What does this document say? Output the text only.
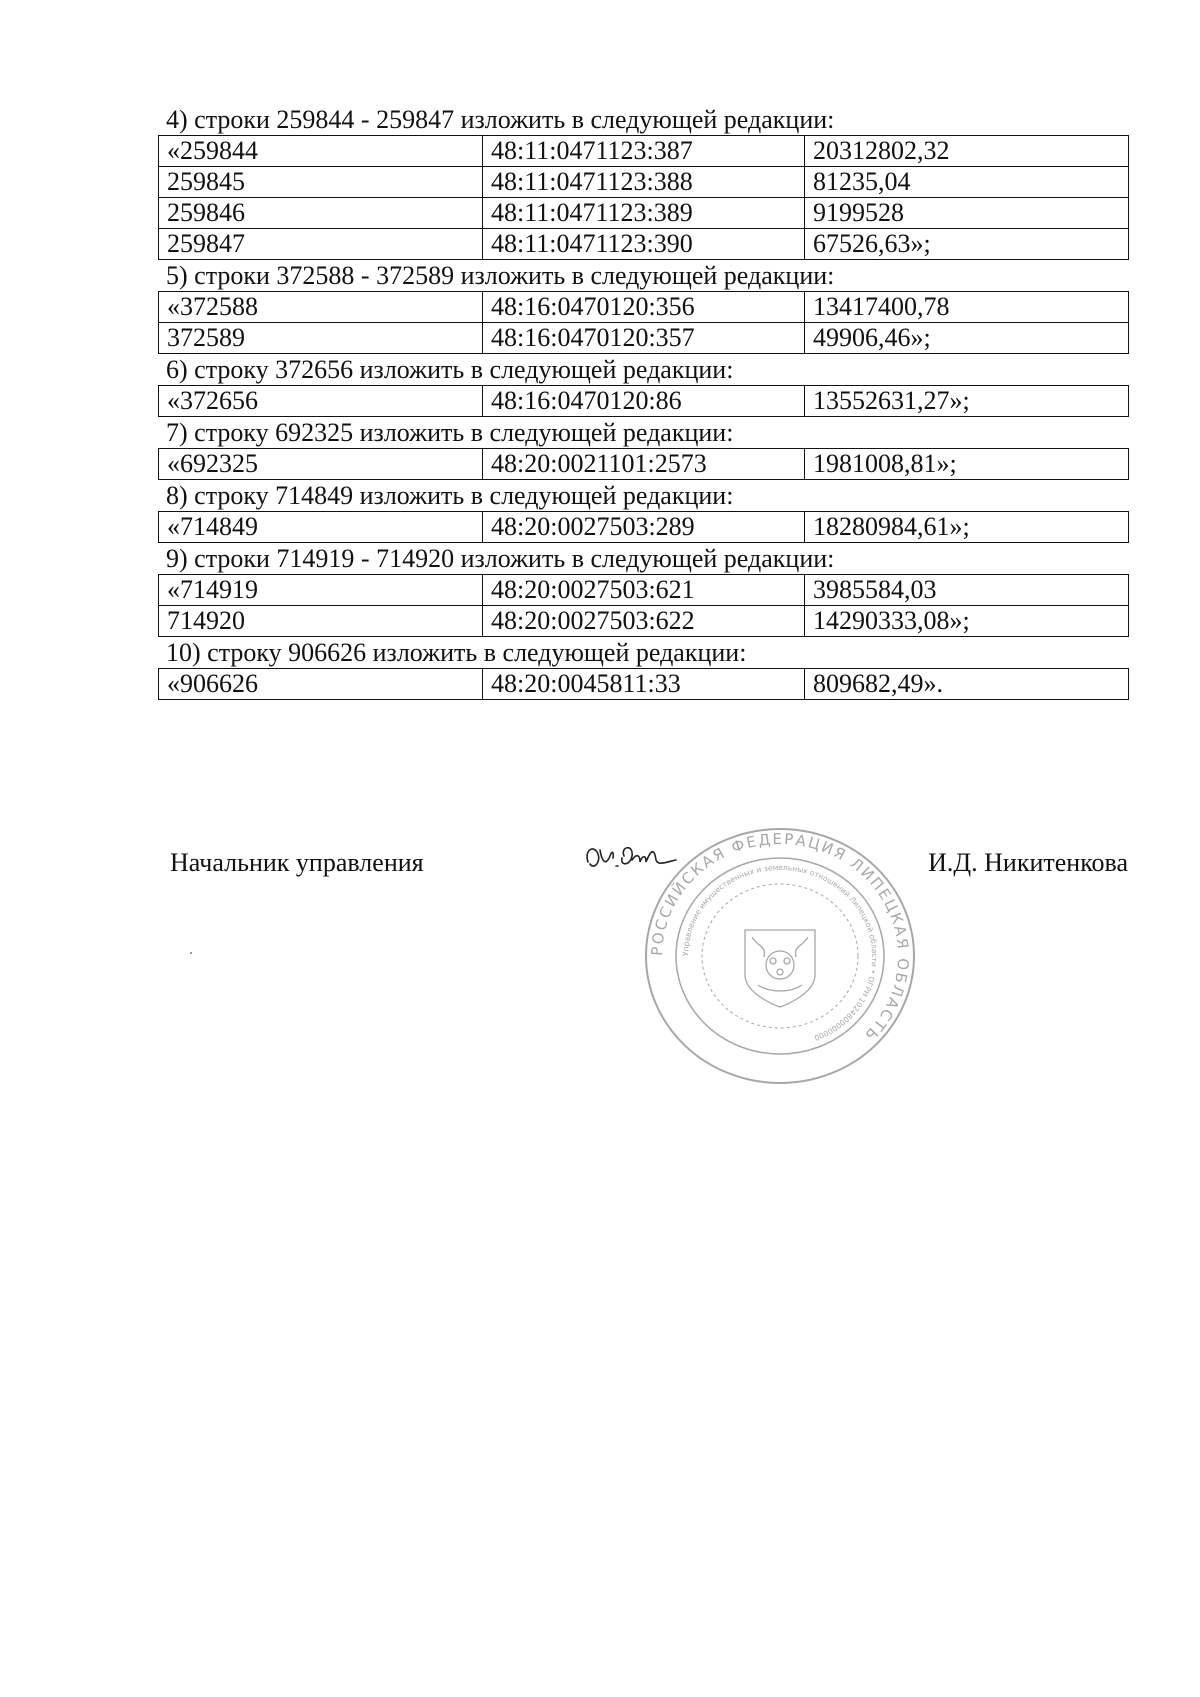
4) строки 259844 - 259847 изложить в следующей редакции:
«259844	48:11:0471123:387	20312802,32
259845	48:11:0471123:388	81235,04
259846	48:11:0471123:389	9199528
259847	48:11:0471123:390	67526,63»;
5) строки 372588 - 372589 изложить в следующей редакции:
«372588	48:16:0470120:356	13417400,78
372589	48:16:0470120:357	49906,46»;
6) строку 372656 изложить в следующей редакции:
«372656	48:16:0470120:86	13552631,27»;
7) строку 692325 изложить в следующей редакции:
«692325	48:20:0021101:2573	1981008,81»;
8) строку 714849 изложить в следующей редакции:
«714849	48:20:0027503:289	18280984,61»;
9) строки 714919 - 714920 изложить в следующей редакции:
«714919	48:20:0027503:621	3985584,03
714920	48:20:0027503:622	14290333,08»;
10) строку 906626 изложить в следующей редакции:
«906626	48:20:0045811:33	809682,49».
Начальник управления	И.Д. Никитенкова
РОССИЙСКАЯ ФЕДЕРАЦИЯ ЛИПЕЦКАЯ ОБЛАСТЬ
Управление имущественных и земельных отношений Липецкой области • ОГРН 1024800000000
